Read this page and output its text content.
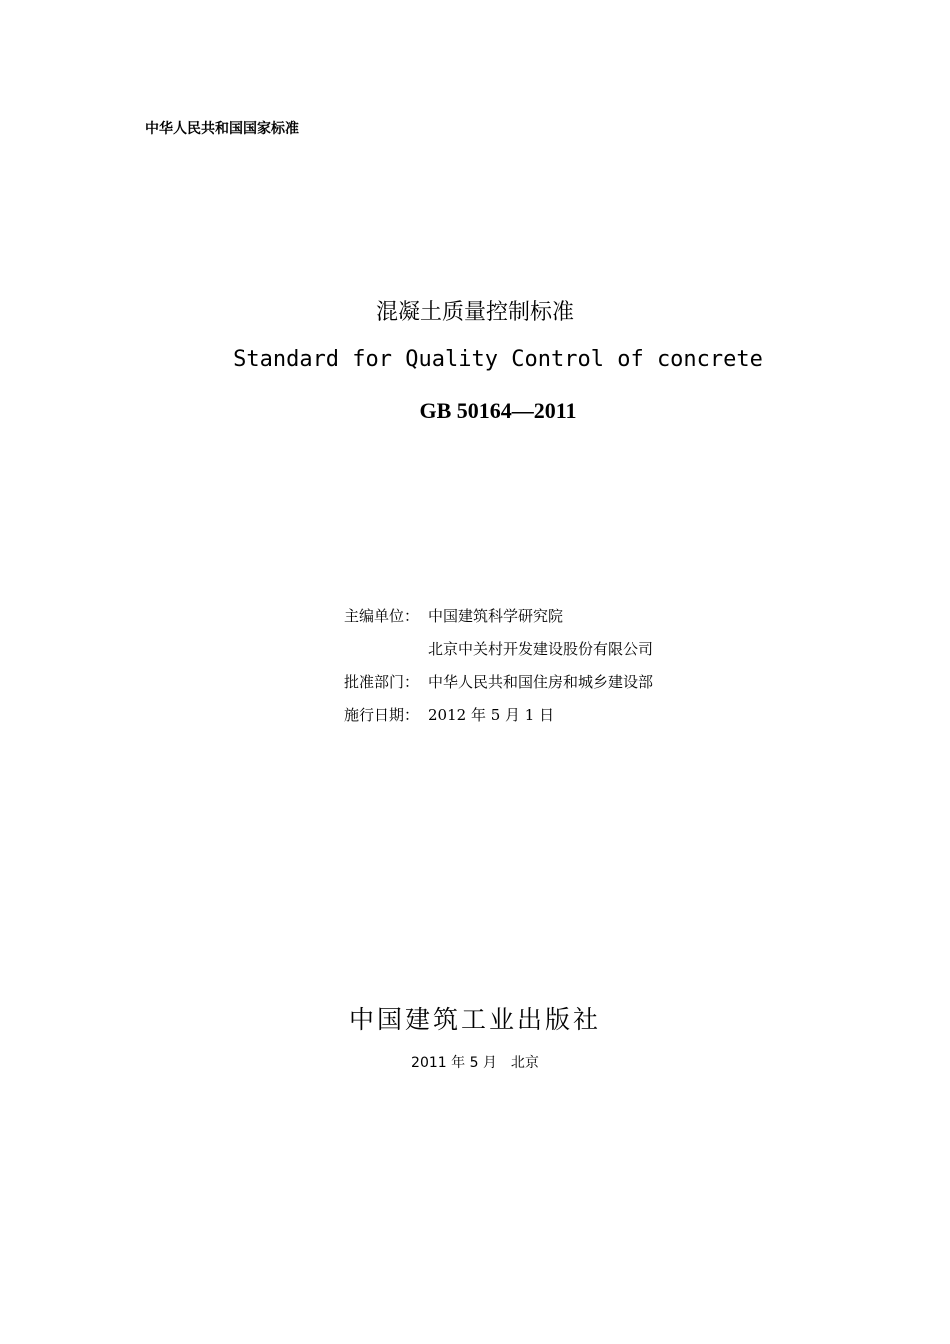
中华人民共和国国家标准
混凝土质量控制标准
Standard for Quality Control of concrete
GB 50164—2011
主编单位： 中国建筑科学研究院
北京中关村开发建设股份有限公司
批准部门： 中华人民共和国住房和城乡建设部
施行日期： 2012 年 5 月 1 日
中国建筑工业出版社
2011 年 5 月　北京
